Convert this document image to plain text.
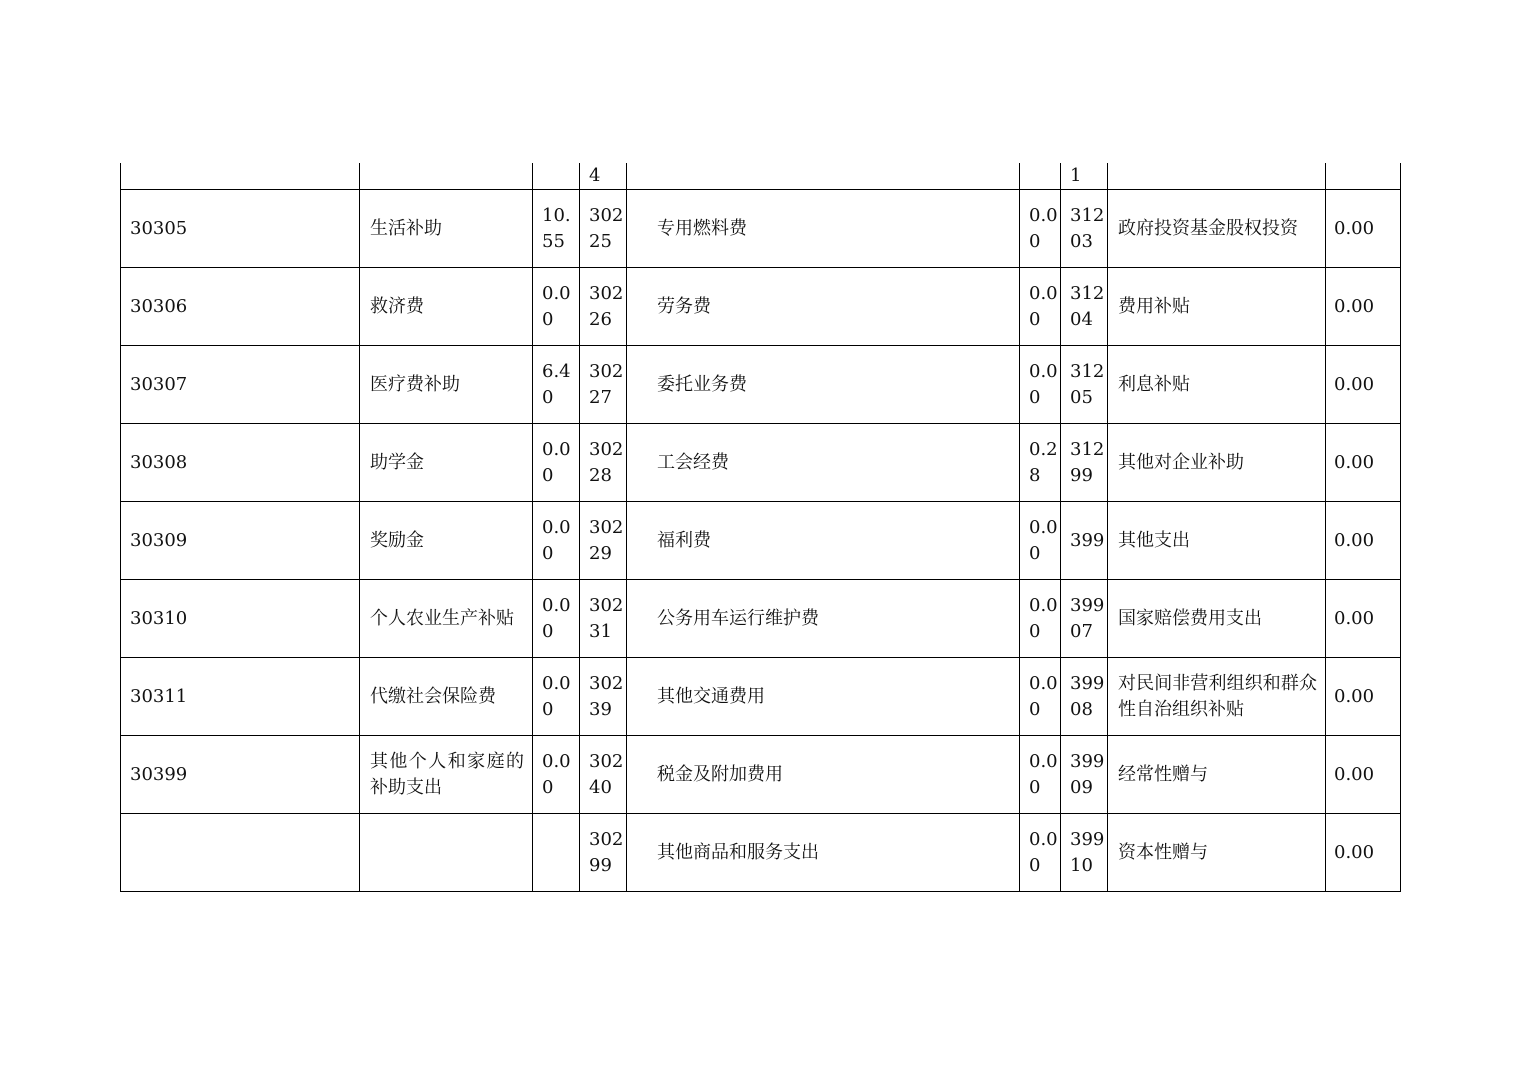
			4			1		
30305	生活补助	10.55	30225	专用燃料费	0.00	31203	政府投资基金股权投资	0.00
30306	救济费	0.00	30226	劳务费	0.00	31204	费用补贴	0.00
30307	医疗费补助	6.40	30227	委托业务费	0.00	31205	利息补贴	0.00
30308	助学金	0.00	30228	工会经费	0.28	31299	其他对企业补助	0.00
30309	奖励金	0.00	30229	福利费	0.00	399	其他支出	0.00
30310	个人农业生产补贴	0.00	30231	公务用车运行维护费	0.00	39907	国家赔偿费用支出	0.00
30311	代缴社会保险费	0.00	30239	其他交通费用	0.00	39908	对民间非营利组织和群众性自治组织补贴	0.00
30399	其他个人和家庭的补助支出	0.00	30240	税金及附加费用	0.00	39909	经常性赠与	0.00
			30299	其他商品和服务支出	0.00	39910	资本性赠与	0.00
